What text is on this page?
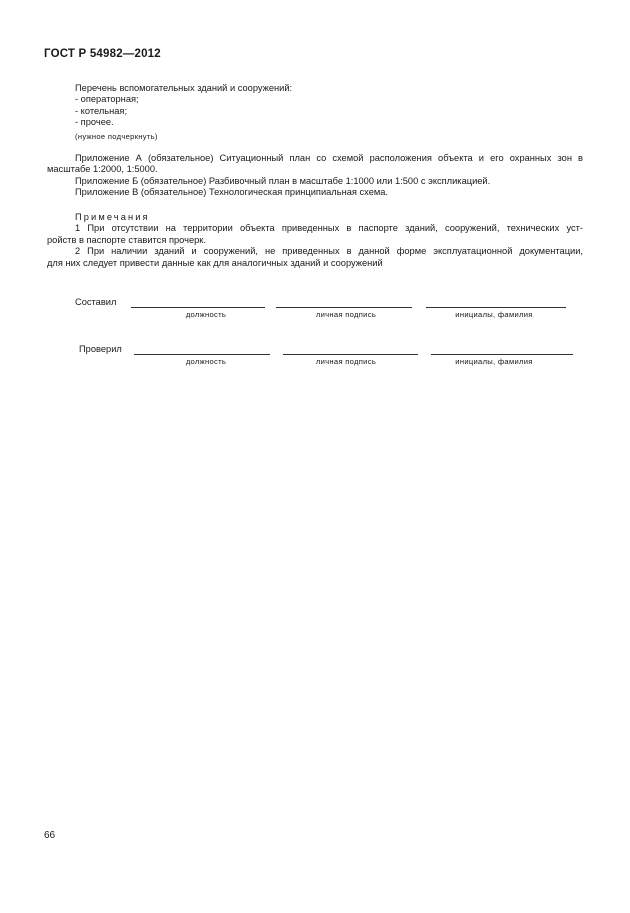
ГОСТ Р 54982—2012
Перечень вспомогательных зданий и сооружений:
- операторная;
- котельная;
- прочее.
(нужное подчеркнуть)
Приложение А (обязательное) Ситуационный план со схемой расположения объекта и его охранных зон в
масштабе 1:2000, 1:5000.
Приложение Б (обязательное) Разбивочный план в масштабе 1:1000 или 1:500 с экспликацией.
Приложение В (обязательное) Технологическая принципиальная схема.
Примечания
1 При отсутствии на территории объекта приведенных в паспорте зданий, сооружений, технических уст-
ройств в паспорте ставится прочерк.
2 При наличии зданий и сооружений, не приведенных в данной форме эксплуатационной документации,
для них следует привести данные как для аналогичных зданий и сооружений
Составил
должность	личная подпись	инициалы, фамилия
Проверил
должность	личная подпись	инициалы, фамилия
66
